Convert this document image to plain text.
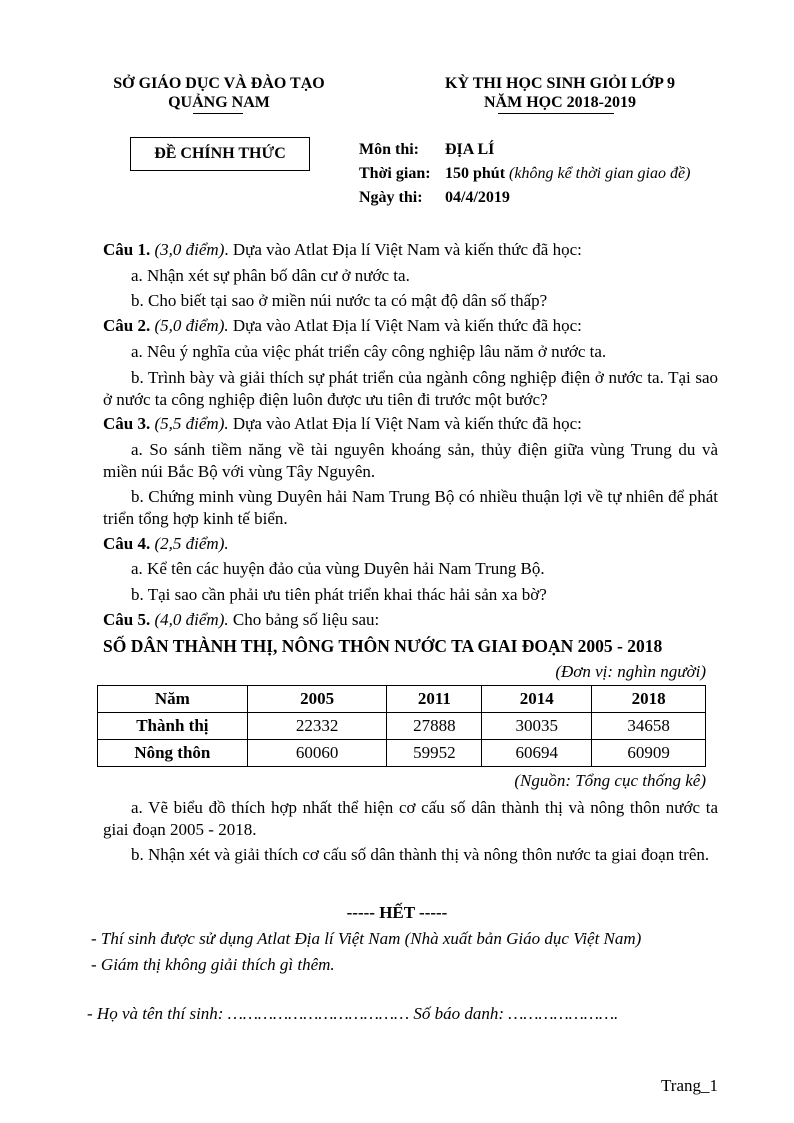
SỞ GIÁO DỤC VÀ ĐÀO TẠO
QUẢNG NAM
KỲ THI HỌC SINH GIỎI LỚP 9
NĂM HỌC 2018-2019
ĐỀ CHÍNH THỨC	Môn thi: ĐỊA LÍ
Thời gian: 150 phút (không kể thời gian giao đề)
Ngày thi: 04/4/2019
Câu 1. (3,0 điểm). Dựa vào Atlat Địa lí Việt Nam và kiến thức đã học:
a. Nhận xét sự phân bố dân cư ở nước ta.
b. Cho biết tại sao ở miền núi nước ta có mật độ dân số thấp?
Câu 2. (5,0 điểm). Dựa vào Atlat Địa lí Việt Nam và kiến thức đã học:
a. Nêu ý nghĩa của việc phát triển cây công nghiệp lâu năm ở nước ta.
b. Trình bày và giải thích sự phát triển của ngành công nghiệp điện ở nước ta. Tại sao ở nước ta công nghiệp điện luôn được ưu tiên đi trước một bước?
Câu 3. (5,5 điểm). Dựa vào Atlat Địa lí Việt Nam và kiến thức đã học:
a. So sánh tiềm năng về tài nguyên khoáng sản, thủy điện giữa vùng Trung du và miền núi Bắc Bộ với vùng Tây Nguyên.
b. Chứng minh vùng Duyên hải Nam Trung Bộ có nhiều thuận lợi về tự nhiên để phát triển tổng hợp kinh tế biển.
Câu 4. (2,5 điểm).
a. Kể tên các huyện đảo của vùng Duyên hải Nam Trung Bộ.
b. Tại sao cần phải ưu tiên phát triển khai thác hải sản xa bờ?
Câu 5. (4,0 điểm). Cho bảng số liệu sau:
SỐ DÂN THÀNH THỊ, NÔNG THÔN NƯỚC TA GIAI ĐOẠN 2005 - 2018
(Đơn vị: nghìn người)
Năm	2005	2011	2014	2018
Thành thị	22332	27888	30035	34658
Nông thôn	60060	59952	60694	60909
(Nguồn: Tổng cục thống kê)
a. Vẽ biểu đồ thích hợp nhất thể hiện cơ cấu số dân thành thị và nông thôn nước ta giai đoạn 2005 - 2018.
b. Nhận xét và giải thích cơ cấu số dân thành thị và nông thôn nước ta giai đoạn trên.
----- HẾT -----
- Thí sinh được sử dụng Atlat Địa lí Việt Nam (Nhà xuất bản Giáo dục Việt Nam)
- Giám thị không giải thích gì thêm.
- Họ và tên thí sinh: ……………………………… Số báo danh: ………………….
Trang_1
